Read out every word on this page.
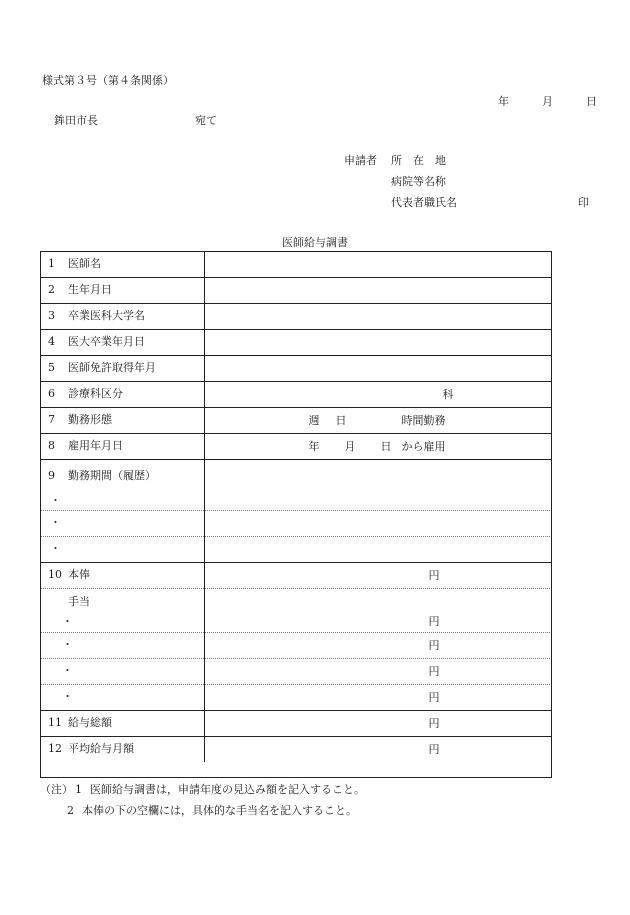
様式第３号（第４条関係）
年	月	日
鉾田市長	宛て
申請者 所　在　地
病院等名称
代表者職氏名	印
医師給与調書
1 医師名	
2 生年月日	
3 卒業医科大学名	
4 医大卒業年月日	
5 医師免許取得年月	
6 診療科区分	科

7 勤務形態	週 日 時間勤務

8 雇用年月日	年 月 日 から雇用

9 勤務期間（履歴）
・	

・	
・	
10 本俸	円

手当
・	円

・	円

・	円

・	円

11 給与総額	円

12 平均給与月額	円
（注） 1 医師給与調書は，申請年度の見込み額を記入すること。
2 本俸の下の空欄には，具体的な手当名を記入すること。
